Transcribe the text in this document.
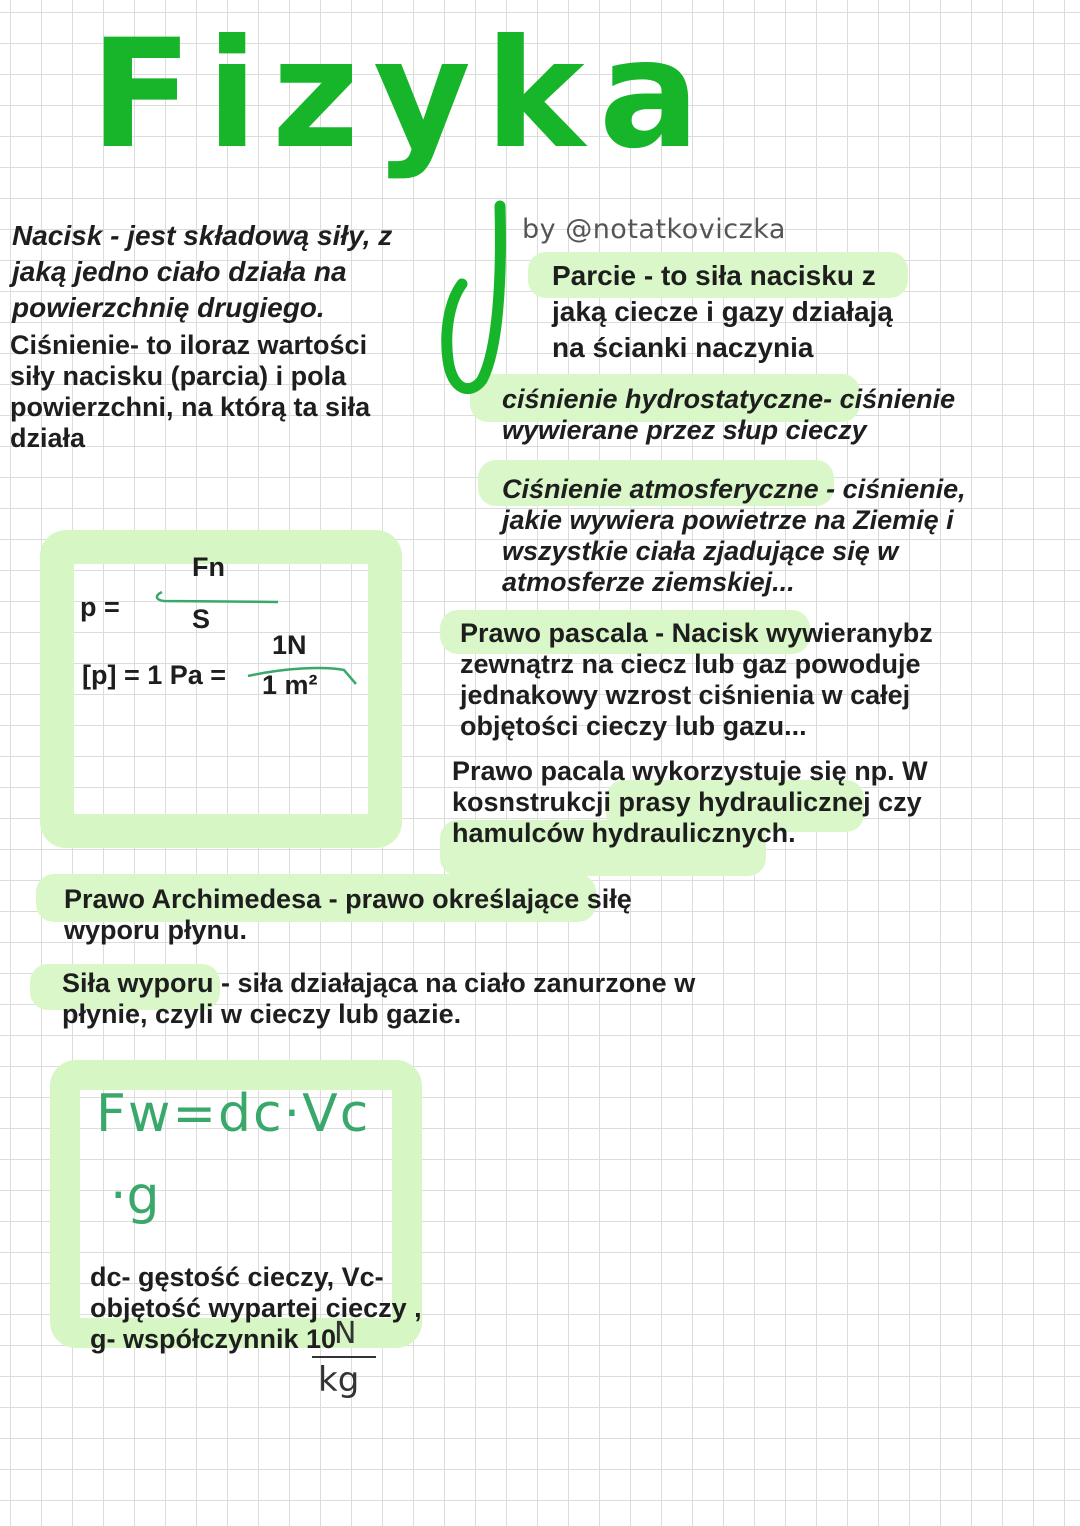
Fizyka
by @notatkoviczka
Nacisk - jest składową siły, z
jaką jedno ciało działa na
powierzchnię drugiego.
Ciśnienie- to iloraz wartości
siły nacisku (parcia) i pola
powierzchni, na którą ta siła
działa
Parcie - to siła nacisku z
jaką ciecze i gazy działają
na ścianki naczynia
ciśnienie hydrostatyczne- ciśnienie
wywierane przez słup cieczy
Ciśnienie atmosferyczne - ciśnienie,
jakie wywiera powietrze na Ziemię i
wszystkie ciała zjadujące się w
atmosferze ziemskiej...
Prawo pascala - Nacisk wywieranybz
zewnątrz na ciecz lub gaz powoduje
jednakowy wzrost ciśnienia w całej
objętości cieczy lub gazu...
Prawo pacala wykorzystuje się np. W
kosnstrukcji prasy hydraulicznej czy
hamulców hydraulicznych.
Prawo Archimedesa - prawo określające siłę
wyporu płynu.
Siła wyporu - siła działająca na ciało zanurzone w
płynie, czyli w cieczy lub gazie.
p =
Fn
S
[p] = 1 Pa =
1N
1 m²
Fw=dc·Vc
·g
dc- gęstość cieczy, Vc-
objętość wypartej cieczy ,
g- współczynnik 10
N
kg
